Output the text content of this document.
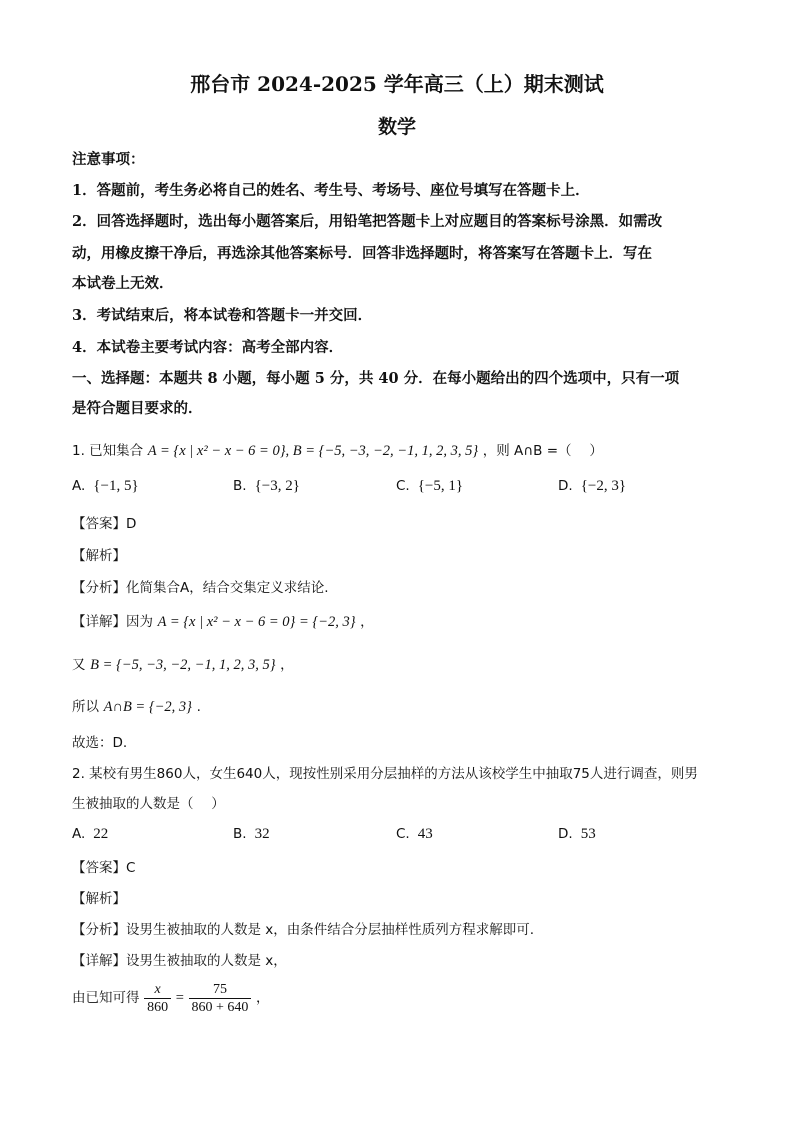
邢台市 2024-2025 学年高三（上）期末测试
数学
注意事项：
1．答题前，考生务必将自己的姓名、考生号、考场号、座位号填写在答题卡上．
2．回答选择题时，选出每小题答案后，用铅笔把答题卡上对应题目的答案标号涂黑．如需改
动，用橡皮擦干净后，再选涂其他答案标号．回答非选择题时，将答案写在答题卡上．写在
本试卷上无效．
3．考试结束后，将本试卷和答题卡一并交回．
4．本试卷主要考试内容：高考全部内容．
一、选择题：本题共 8 小题，每小题 5 分，共 40 分．在每小题给出的四个选项中，只有一项
是符合题目要求的．
1. 已知集合 A = {x | x² − x − 6 = 0}, B = {−5, −3, −2, −1, 1, 2, 3, 5} ，则 A∩B =（　 ）
A. {−1, 5}	B. {−3, 2}	C. {−5, 1}	D. {−2, 3}
【答案】D
【解析】
【分析】化简集合A，结合交集定义求结论.
【详解】因为 A = {x | x² − x − 6 = 0} = {−2, 3} ，
又 B = {−5, −3, −2, −1, 1, 2, 3, 5} ，
所以 A∩B = {−2, 3} .
故选：D.
2. 某校有男生860人，女生640人，现按性别采用分层抽样的方法从该校学生中抽取75人进行调查，则男
生被抽取的人数是（　 ）
A. 22	B. 32	C. 43	D. 53
【答案】C
【解析】
【分析】设男生被抽取的人数是 x，由条件结合分层抽样性质列方程求解即可.
【详解】设男生被抽取的人数是 x，
由已知可得 $\frac{x}{860} = \frac{75}{860 + 640}$ ，
